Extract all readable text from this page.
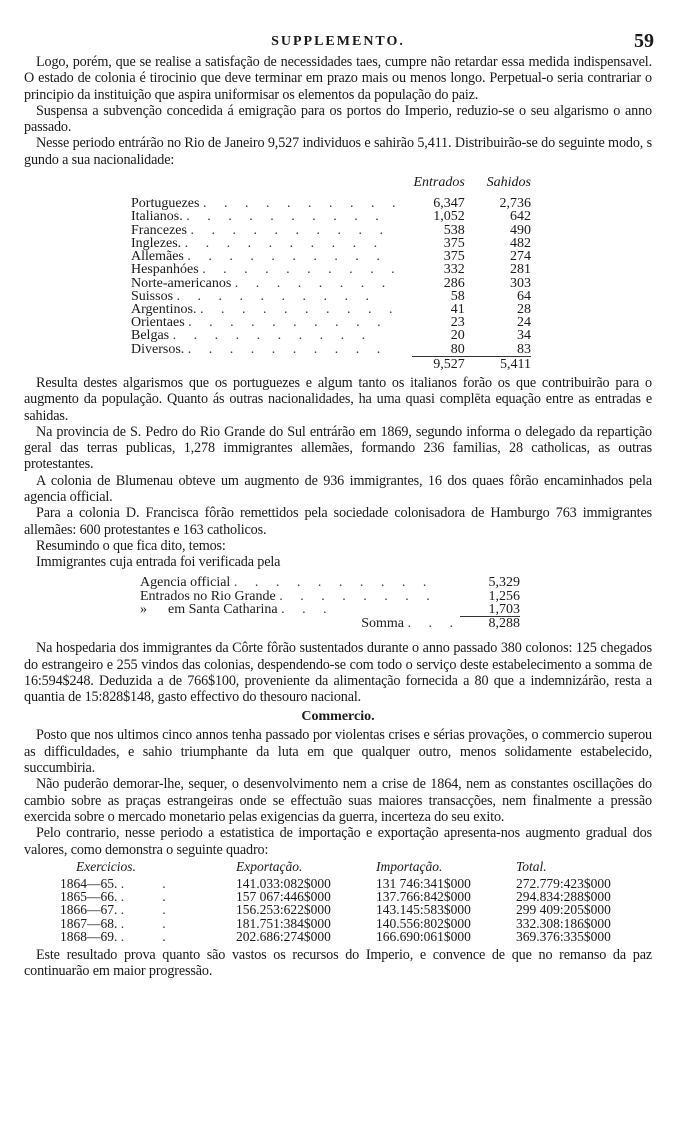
SUPPLEMENTO.	59

Logo, porém, que se realise a satisfação de necessidades taes, cumpre não retardar essa medida indispensavel. O estado de colonia é tirocinio que deve terminar em prazo mais ou menos longo. Perpetual-o seria contrariar o principio da instituição que aspira uniformisar os elementos da população do paiz.

Suspensa a subvenção concedida á emigração para os portos do Imperio, reduzio-se o seu algarismo o anno passado.

Nesse periodo entrárão no Rio de Janeiro 9,527 individuos e sahirão 5,411. Distribuirão-se do seguinte modo, s gundo a sua nacionalidade:

	Entrados	Sahidos
Portuguezes . . . . . . . . . .	6,347	2,736
Italianos. . . . . . . . . . .	1,052	642
Francezes . . . . . . . . . .	538	490
Inglezes. . . . . . . . . . .	375	482
Allemães . . . . . . . . . .	375	274
Hespanhóes . . . . . . . . . .	332	281
Norte-americanos . . . . . . . .	286	303
Suissos . . . . . . . . . .	58	64
Argentinos. . . . . . . . . . .	41	28
Orientaes . . . . . . . . . .	23	24
Belgas . . . . . . . . . .	20	34
Diversos. . . . . . . . . . .	80	83
	9,527	5,411

Resulta destes algarismos que os portuguezes e algum tanto os italianos forão os que contribuirão para o augmento da população. Quanto ás outras nacionalidades, ha uma quasi complēta equação entre as entradas e sahidas.

Na provincia de S. Pedro do Rio Grande do Sul entrárão em 1869, segundo informa o delegado da repartição geral das terras publicas, 1,278 immigrantes allemães, formando 236 familias, 28 catholicas, as outras protestantes.

A colonia de Blumenau obteve um augmento de 936 immigrantes, 16 dos quaes fôrão encaminhados pela agencia official.

Para a colonia D. Francisca fôrão remettidos pela sociedade colonisadora de Hamburgo 763 immigrantes allemães: 600 protestantes e 163 catholicos.

Resumindo o que fica dito, temos:

Immigrantes cuja entrada foi verificada pela

Agencia official . . . . . . . . . .	5,329
Entrados no Rio Grande . . . . . . . .	1,256
»      em Santa Catharina . . .	1,703
Somma . . .	8,288

Na hospedaria dos immigrantes da Côrte fôrão sustentados durante o anno passado 380 colonos: 125 chegados do estrangeiro e 255 vindos das colonias, despendendo-se com todo o serviço deste estabelecimento a somma de 16:594$248. Deduzida a de 766$100, proveniente da alimentação fornecida a 80 que a indemnizárão, resta a quantia de 15:828$148, gasto effectivo do thesouro nacional.

Commercio.

Posto que nos ultimos cinco annos tenha passado por violentas crises e sérias provações, o commercio superou as difficuldades, e sahio triumphante da luta em que qualquer outro, menos solidamente estabelecido, succumbiria.

Não puderão demorar-lhe, sequer, o desenvolvimento nem a crise de 1864, nem as constantes oscillações do cambio sobre as praças estrangeiras onde se effectuão suas maiores transacções, nem finalmente a pressão exercida sobre o mercado monetario pelas exigencias da guerra, incerteza do seu exito.

Pelo contrario, nesse periodo a estatistica de importação e exportação apresenta-nos augmento gradual dos valores, como demonstra o seguinte quadro:

Exercicios.	Exportação.	Importação.	Total.
1864—65. .   .	141.033:082$000	131 746:341$000	272.779:423$000
1865—66. .   .	157 067:446$000	137.766:842$000	294.834:288$000
1866—67. .   .	156.253:622$000	143.145:583$000	299 409:205$000
1867—68. .   .	181.751:384$000	140.556:802$000	332.308:186$000
1868—69. .   .	202.686:274$000	166.690:061$000	369.376:335$000

Este resultado prova quanto são vastos os recursos do Imperio, e convence de que no remanso da paz continuarão em maior progressão.
